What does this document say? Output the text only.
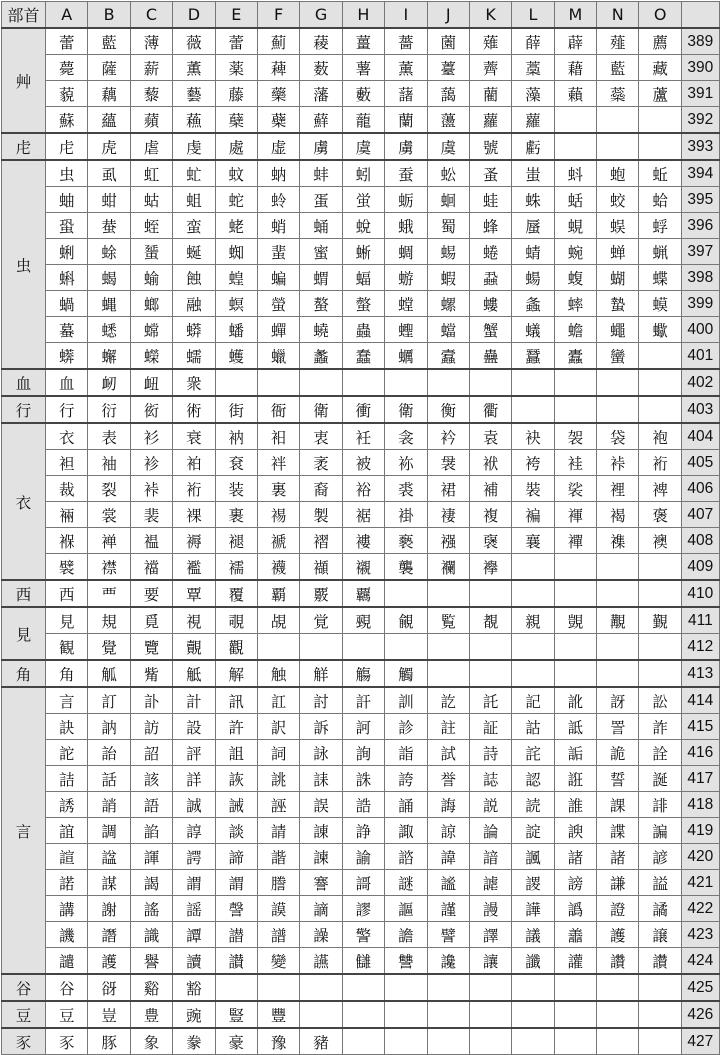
部首	A	B	C	D	E	F	G	H	I	J	K	L	M	N	O	
艸	蕾	藍	薄	薇	蕾	薊	薐	薑	薔	薗	薙	薛	薜	薤	薦	389
	薨	薩	薪	薫	薬	薭	薮	薯	薰	薹	薺	藁	藉	藍	藏	390
	藐	藕	藜	藝	藤	藥	藩	藪	藷	藹	藺	藻	藾	蘂	蘆	391
	蘇	蘊	蘋	蘓	蘖	蘗	蘚	蘢	蘭	蘯	蘿	蘿				392
虍	虍	虎	虐	虔	處	虚	虜	虞	虜	虞	號	虧				393
虫	虫	虱	虹	虻	蚊	蚋	蚌	蚓	蚕	蚣	蚤	蚩	蚪	蚫	蚯	394
	蚰	蚶	蛄	蛆	蛇	蛉	蛋	蛍	蛎	蛔	蛙	蛛	蛞	蛟	蛤	395
	蛩	蛬	蛭	蛮	蛯	蛸	蛹	蛻	蛾	蜀	蜂	蜃	蜆	蜈	蜉	396
	蜊	蜍	蜑	蜒	蜘	蜚	蜜	蜥	蜩	蜴	蜷	蜻	蜿	蝉	蝋	397
	蝌	蝎	蝓	蝕	蝗	蝙	蝟	蝠	蝣	蝦	蝨	蝪	蝮	蝴	蝶	398
	蝸	蝿	螂	融	螟	螢	螯	螫	螳	螺	螻	螽	蟀	蟄	蟆	399
	蟇	蟋	蟐	蟒	蟠	蟬	蟯	蟲	蟶	蟷	蟹	蟻	蟾	蠅	蠍	400
	蠎	蠏	蠑	蠕	蠖	蠟	蠡	蠢	蠣	蠧	蠱	蠶	蠹	蠻		401
血	血	衂	衄	衆												402
行	行	衍	衒	術	街	衙	衛	衝	衛	衡	衢					403
衣	衣	表	衫	衰	衲	衵	衷	衽	衾	衿	袁	袂	袈	袋	袍	404
	袒	袖	袗	袙	袞	袢	袤	被	袮	袰	袱	袴	袿	裃	裄	405
	裁	裂	裃	裄	装	裏	裔	裕	裘	裙	補	裝	裟	裡	裨	406
	裲	裳	裴	裸	裹	裼	製	裾	褂	褄	複	褊	褌	褐	褒	407
	褓	褝	褞	褥	褪	褫	褶	褸	褻	襁	襃	襄	襌	襍	襖	408
	襞	襟	襠	襤	襦	襪	襭	襯	襲	襴	襷					409
西	西	覀	要	覃	覆	覇	覈	覊								410
見	見	規	覓	視	覗	覘	覚	覡	覦	覧	覩	親	覬	覯	覲	411
	観	覺	覽	覿	觀											412
角	角	觚	觜	觝	解	触	觧	觴	觸							413
言	言	訂	訃	計	訊	訌	討	訐	訓	訖	託	記	訛	訝	訟	414
	訣	訥	訪	設	許	訳	訴	訶	診	註	証	詁	詆	詈	詐	415
	詑	詒	詔	評	詛	詞	詠	詢	詣	試	詩	詫	詬	詭	詮	416
	詰	話	該	詳	詼	誂	誄	誅	誇	誉	誌	認	誑	誓	誕	417
	誘	誚	語	誠	誡	誣	誤	誥	誦	誨	説	読	誰	課	誹	418
	誼	調	諂	諄	談	請	諌	諍	諏	諒	論	諚	諛	諜	諞	419
	諠	諡	諢	諤	諦	諧	諫	諭	諮	諱	諳	諷	諸	諸	諺	420
	諾	謀	謁	謂	謂	謄	謇	謌	謎	謐	謔	謖	謗	謙	謚	421
	講	謝	謠	謡	謦	謨	謫	謬	謳	謹	謾	譁	譌	證	譎	422
	譏	譖	識	譚	譛	譜	譟	警	譫	譬	譯	議	譱	護	譲	423
	譴	護	譽	讀	讃	變	讌	讎	讐	讒	讓	讖	讙	讚	讚	424
谷	谷	谺	谿	豁												425
豆	豆	豈	豊	豌	豎	豐										426
豕	豕	豚	象	豢	豪	豫	豬									427
